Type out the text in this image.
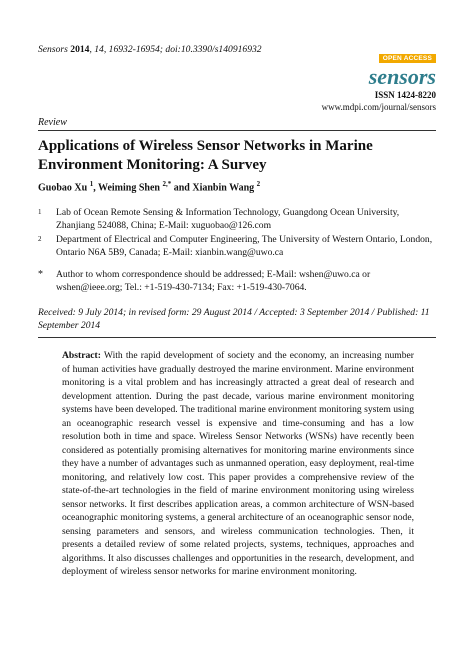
Sensors 2014, 14, 16932-16954; doi:10.3390/s140916932
OPEN ACCESS
sensors
ISSN 1424-8220
www.mdpi.com/journal/sensors
Review
Applications of Wireless Sensor Networks in Marine Environment Monitoring: A Survey
Guobao Xu $^1$, Weiming Shen $^{2,*}$ and Xianbin Wang $^2$
1 Lab of Ocean Remote Sensing & Information Technology, Guangdong Ocean University, Zhanjiang 524088, China; E-Mail: xuguobao@126.com
2 Department of Electrical and Computer Engineering, The University of Western Ontario, London, Ontario N6A 5B9, Canada; E-Mail: xianbin.wang@uwo.ca
* Author to whom correspondence should be addressed; E-Mail: wshen@uwo.ca or wshen@ieee.org; Tel.: +1-519-430-7134; Fax: +1-519-430-7064.
Received: 9 July 2014; in revised form: 29 August 2014 / Accepted: 3 September 2014 / Published: 11 September 2014
Abstract: With the rapid development of society and the economy, an increasing number of human activities have gradually destroyed the marine environment. Marine environment monitoring is a vital problem and has increasingly attracted a great deal of research and development attention. During the past decade, various marine environment monitoring systems have been developed. The traditional marine environment monitoring system using an oceanographic research vessel is expensive and time-consuming and has a low resolution both in time and space. Wireless Sensor Networks (WSNs) have recently been considered as potentially promising alternatives for monitoring marine environments since they have a number of advantages such as unmanned operation, easy deployment, real-time monitoring, and relatively low cost. This paper provides a comprehensive review of the state-of-the-art technologies in the field of marine environment monitoring using wireless sensor networks. It first describes application areas, a common architecture of WSN-based oceanographic monitoring systems, a general architecture of an oceanographic sensor node, sensing parameters and sensors, and wireless communication technologies. Then, it presents a detailed review of some related projects, systems, techniques, approaches and algorithms. It also discusses challenges and opportunities in the research, development, and deployment of wireless sensor networks for marine environment monitoring.
